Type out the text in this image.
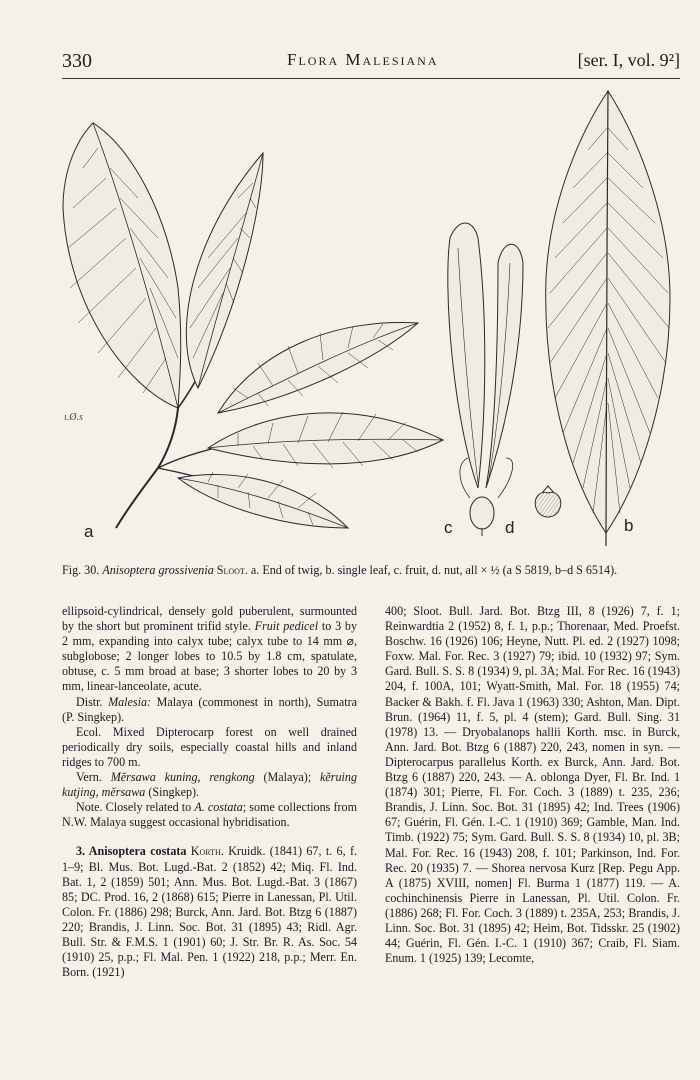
330	Flora Malesiana	[ser. I, vol. 9²]
a	b
c	d
ι.Ø.s
Fig. 30. Anisoptera grossivenia Sloot. a. End of twig, b. single leaf, c. fruit, d. nut, all × ½ (a S 5819, b–d S 6514).

ellipsoid-cylindrical, densely gold puberulent, surmounted by the short but prominent trifid style. Fruit pedicel to 3 by 2 mm, expanding into calyx tube; calyx tube to 14 mm ⌀, subglobose; 2 longer lobes to 10.5 by 1.8 cm, spatulate, obtuse, c. 5 mm broad at base; 3 shorter lobes to 20 by 3 mm, linear-lanceolate, acute.

Distr. Malesia: Malaya (commonest in north), Sumatra (P. Singkep).

Ecol. Mixed Dipterocarp forest on well drained periodically dry soils, especially coastal hills and inland ridges to 700 m.

Vern. Mĕrsawa kuning, rengkong (Malaya); kĕruing kutjing, mĕrsawa (Singkep).

Note. Closely related to A. costata; some collections from N.W. Malaya suggest occasional hybridisation.

3. Anisoptera costata Korth. Kruidk. (1841) 67, t. 6, f. 1–9; Bl. Mus. Bot. Lugd.-Bat. 2 (1852) 42; Miq. Fl. Ind. Bat. 1, 2 (1859) 501; Ann. Mus. Bot. Lugd.-Bat. 3 (1867) 85; DC. Prod. 16, 2 (1868) 615; Pierre in Lanessan, Pl. Util. Colon. Fr. (1886) 298; Burck, Ann. Jard. Bot. Btzg 6 (1887) 220; Brandis, J. Linn. Soc. Bot. 31 (1895) 43; Ridl. Agr. Bull. Str. & F.M.S. 1 (1901) 60; J. Str. Br. R. As. Soc. 54 (1910) 25, p.p.; Fl. Mal. Pen. 1 (1922) 218, p.p.; Merr. En. Born. (1921)

400; Sloot. Bull. Jard. Bot. Btzg III, 8 (1926) 7, f. 1; Reinwardtia 2 (1952) 8, f. 1, p.p.; Thorenaar, Med. Proefst. Boschw. 16 (1926) 106; Heyne, Nutt. Pl. ed. 2 (1927) 1098; Foxw. Mal. For. Rec. 3 (1927) 79; ibid. 10 (1932) 97; Sym. Gard. Bull. S. S. 8 (1934) 9, pl. 3A; Mal. For Rec. 16 (1943) 204, f. 100A, 101; Wyatt-Smith, Mal. For. 18 (1955) 74; Backer & Bakh. f. Fl. Java 1 (1963) 330; Ashton, Man. Dipt. Brun. (1964) 11, f. 5, pl. 4 (stem); Gard. Bull. Sing. 31 (1978) 13. — Dryobalanops hallii Korth. msc. in Burck, Ann. Jard. Bot. Btzg 6 (1887) 220, 243, nomen in syn. — Dipterocarpus parallelus Korth. ex Burck, Ann. Jard. Bot. Btzg 6 (1887) 220, 243. — A. oblonga Dyer, Fl. Br. Ind. 1 (1874) 301; Pierre, Fl. For. Coch. 3 (1889) t. 235, 236; Brandis, J. Linn. Soc. Bot. 31 (1895) 42; Ind. Trees (1906) 67; Guérin, Fl. Gén. I.-C. 1 (1910) 369; Gamble, Man. Ind. Timb. (1922) 75; Sym. Gard. Bull. S. S. 8 (1934) 10, pl. 3B; Mal. For. Rec. 16 (1943) 208, f. 101; Parkinson, Ind. For. Rec. 20 (1935) 7. — Shorea nervosa Kurz [Rep. Pegu App. A (1875) XVIII, nomen] Fl. Burma 1 (1877) 119. — A. cochinchinensis Pierre in Lanessan, Pl. Util. Colon. Fr. (1886) 268; Fl. For. Coch. 3 (1889) t. 235A, 253; Brandis, J. Linn. Soc. Bot. 31 (1895) 42; Heim, Bot. Tidsskr. 25 (1902) 44; Guérin, Fl. Gén. I.-C. 1 (1910) 367; Craib, Fl. Siam. Enum. 1 (1925) 139; Lecomte,
